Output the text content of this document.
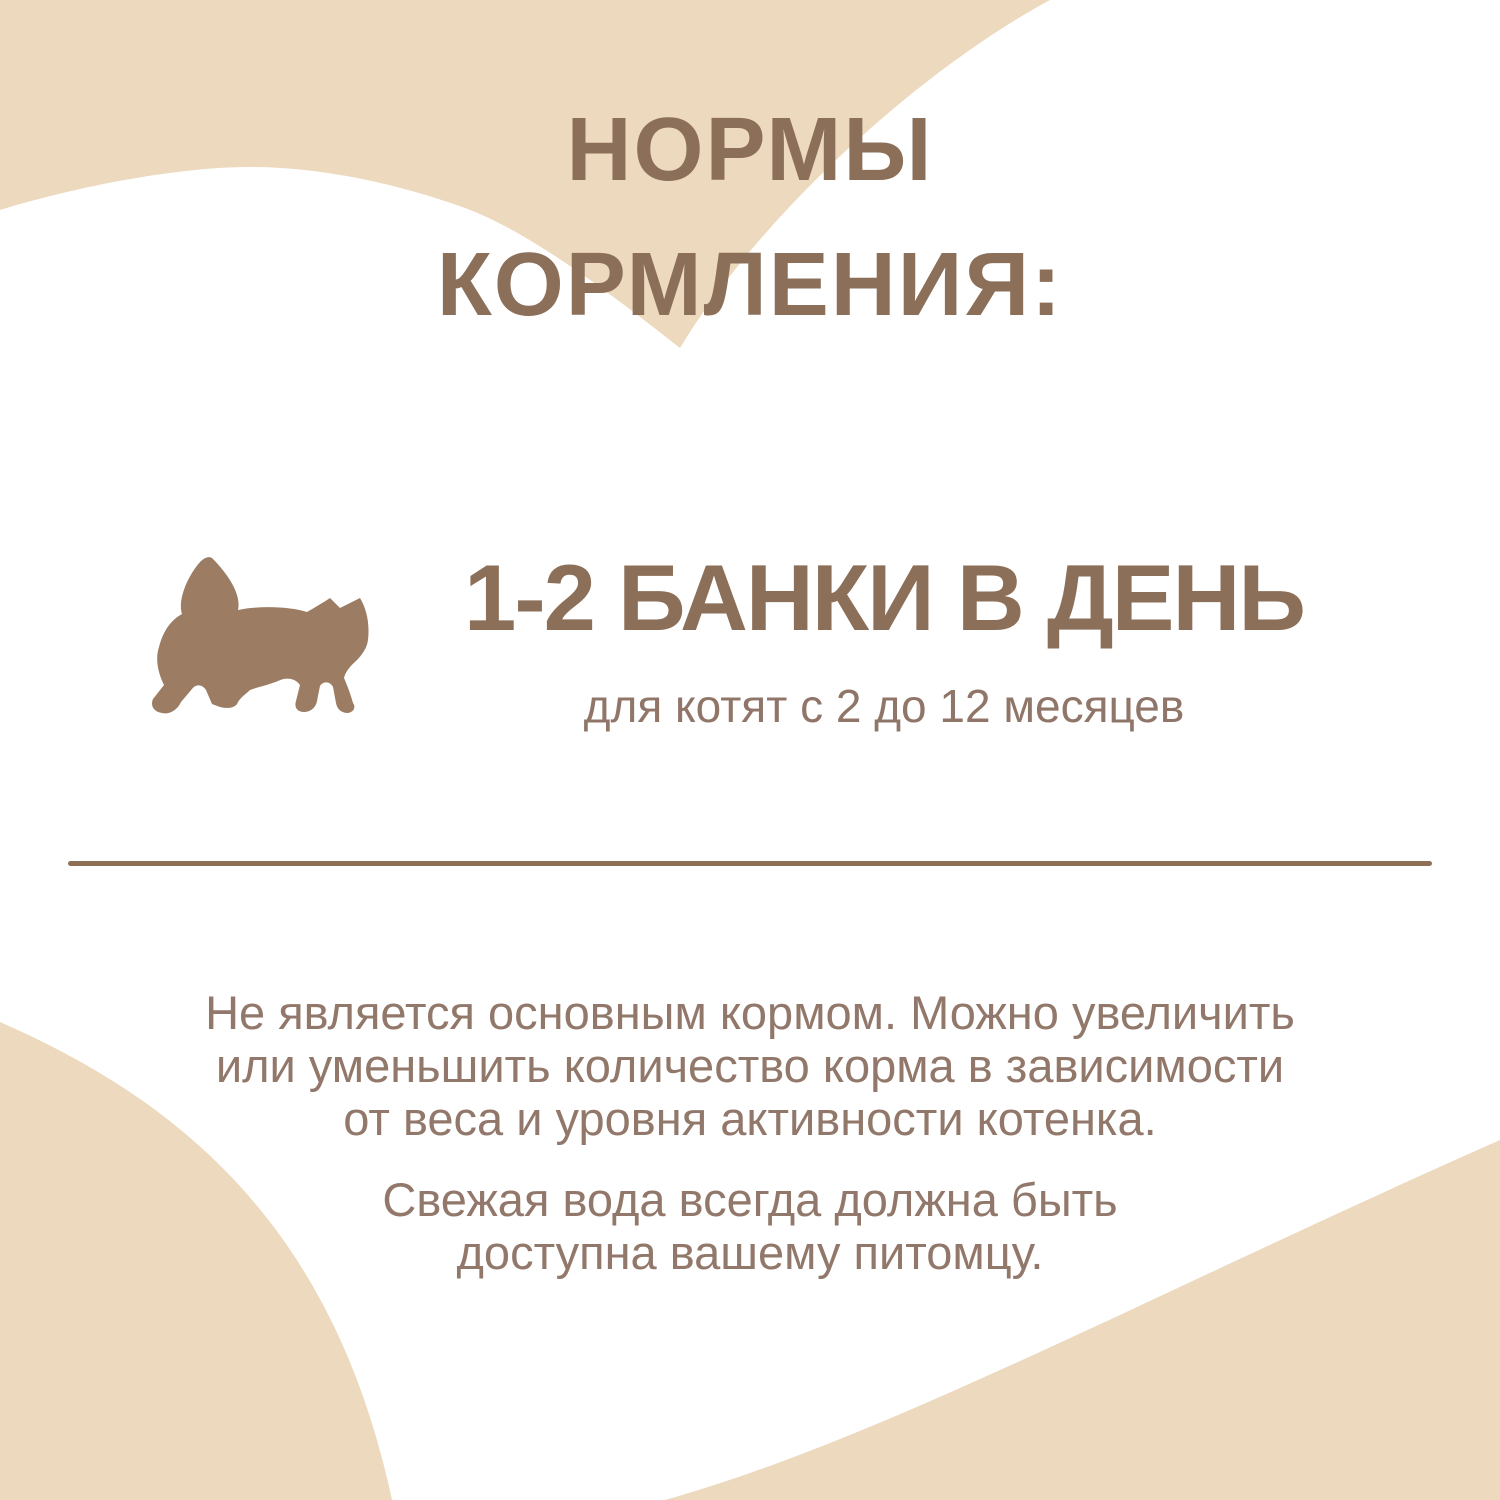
НОРМЫ
КОРМЛЕНИЯ:
1-2 БАНКИ В ДЕНЬ
для котят с 2 до 12 месяцев
Не является основным кормом. Можно увеличить
или уменьшить количество корма в зависимости
от веса и уровня активности котенка.
Свежая вода всегда должна быть
доступна вашему питомцу.
